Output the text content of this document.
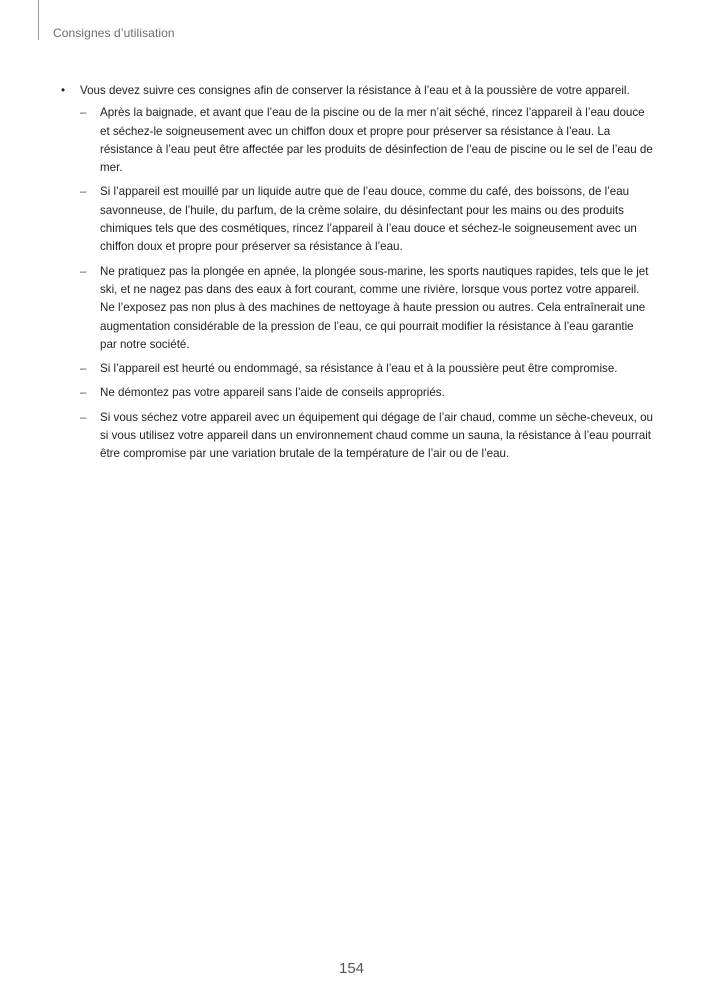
Consignes d’utilisation
• Vous devez suivre ces consignes afin de conserver la résistance à l’eau et à la poussière de votre appareil.
– Après la baignade, et avant que l’eau de la piscine ou de la mer n’ait séché, rincez l’appareil à l’eau douce et séchez-le soigneusement avec un chiffon doux et propre pour préserver sa résistance à l’eau. La résistance à l’eau peut être affectée par les produits de désinfection de l’eau de piscine ou le sel de l’eau de mer.
– Si l’appareil est mouillé par un liquide autre que de l’eau douce, comme du café, des boissons, de l’eau savonneuse, de l’huile, du parfum, de la crème solaire, du désinfectant pour les mains ou des produits chimiques tels que des cosmétiques, rincez l’appareil à l’eau douce et séchez-le soigneusement avec un chiffon doux et propre pour préserver sa résistance à l’eau.
– Ne pratiquez pas la plongée en apnée, la plongée sous-marine, les sports nautiques rapides, tels que le jet ski, et ne nagez pas dans des eaux à fort courant, comme une rivière, lorsque vous portez votre appareil. Ne l’exposez pas non plus à des machines de nettoyage à haute pression ou autres. Cela entraînerait une augmentation considérable de la pression de l’eau, ce qui pourrait modifier la résistance à l’eau garantie par notre société.
– Si l’appareil est heurté ou endommagé, sa résistance à l’eau et à la poussière peut être compromise.
– Ne démontez pas votre appareil sans l’aide de conseils appropriés.
– Si vous séchez votre appareil avec un équipement qui dégage de l’air chaud, comme un sèche-cheveux, ou si vous utilisez votre appareil dans un environnement chaud comme un sauna, la résistance à l’eau pourrait être compromise par une variation brutale de la température de l’air ou de l’eau.
154
